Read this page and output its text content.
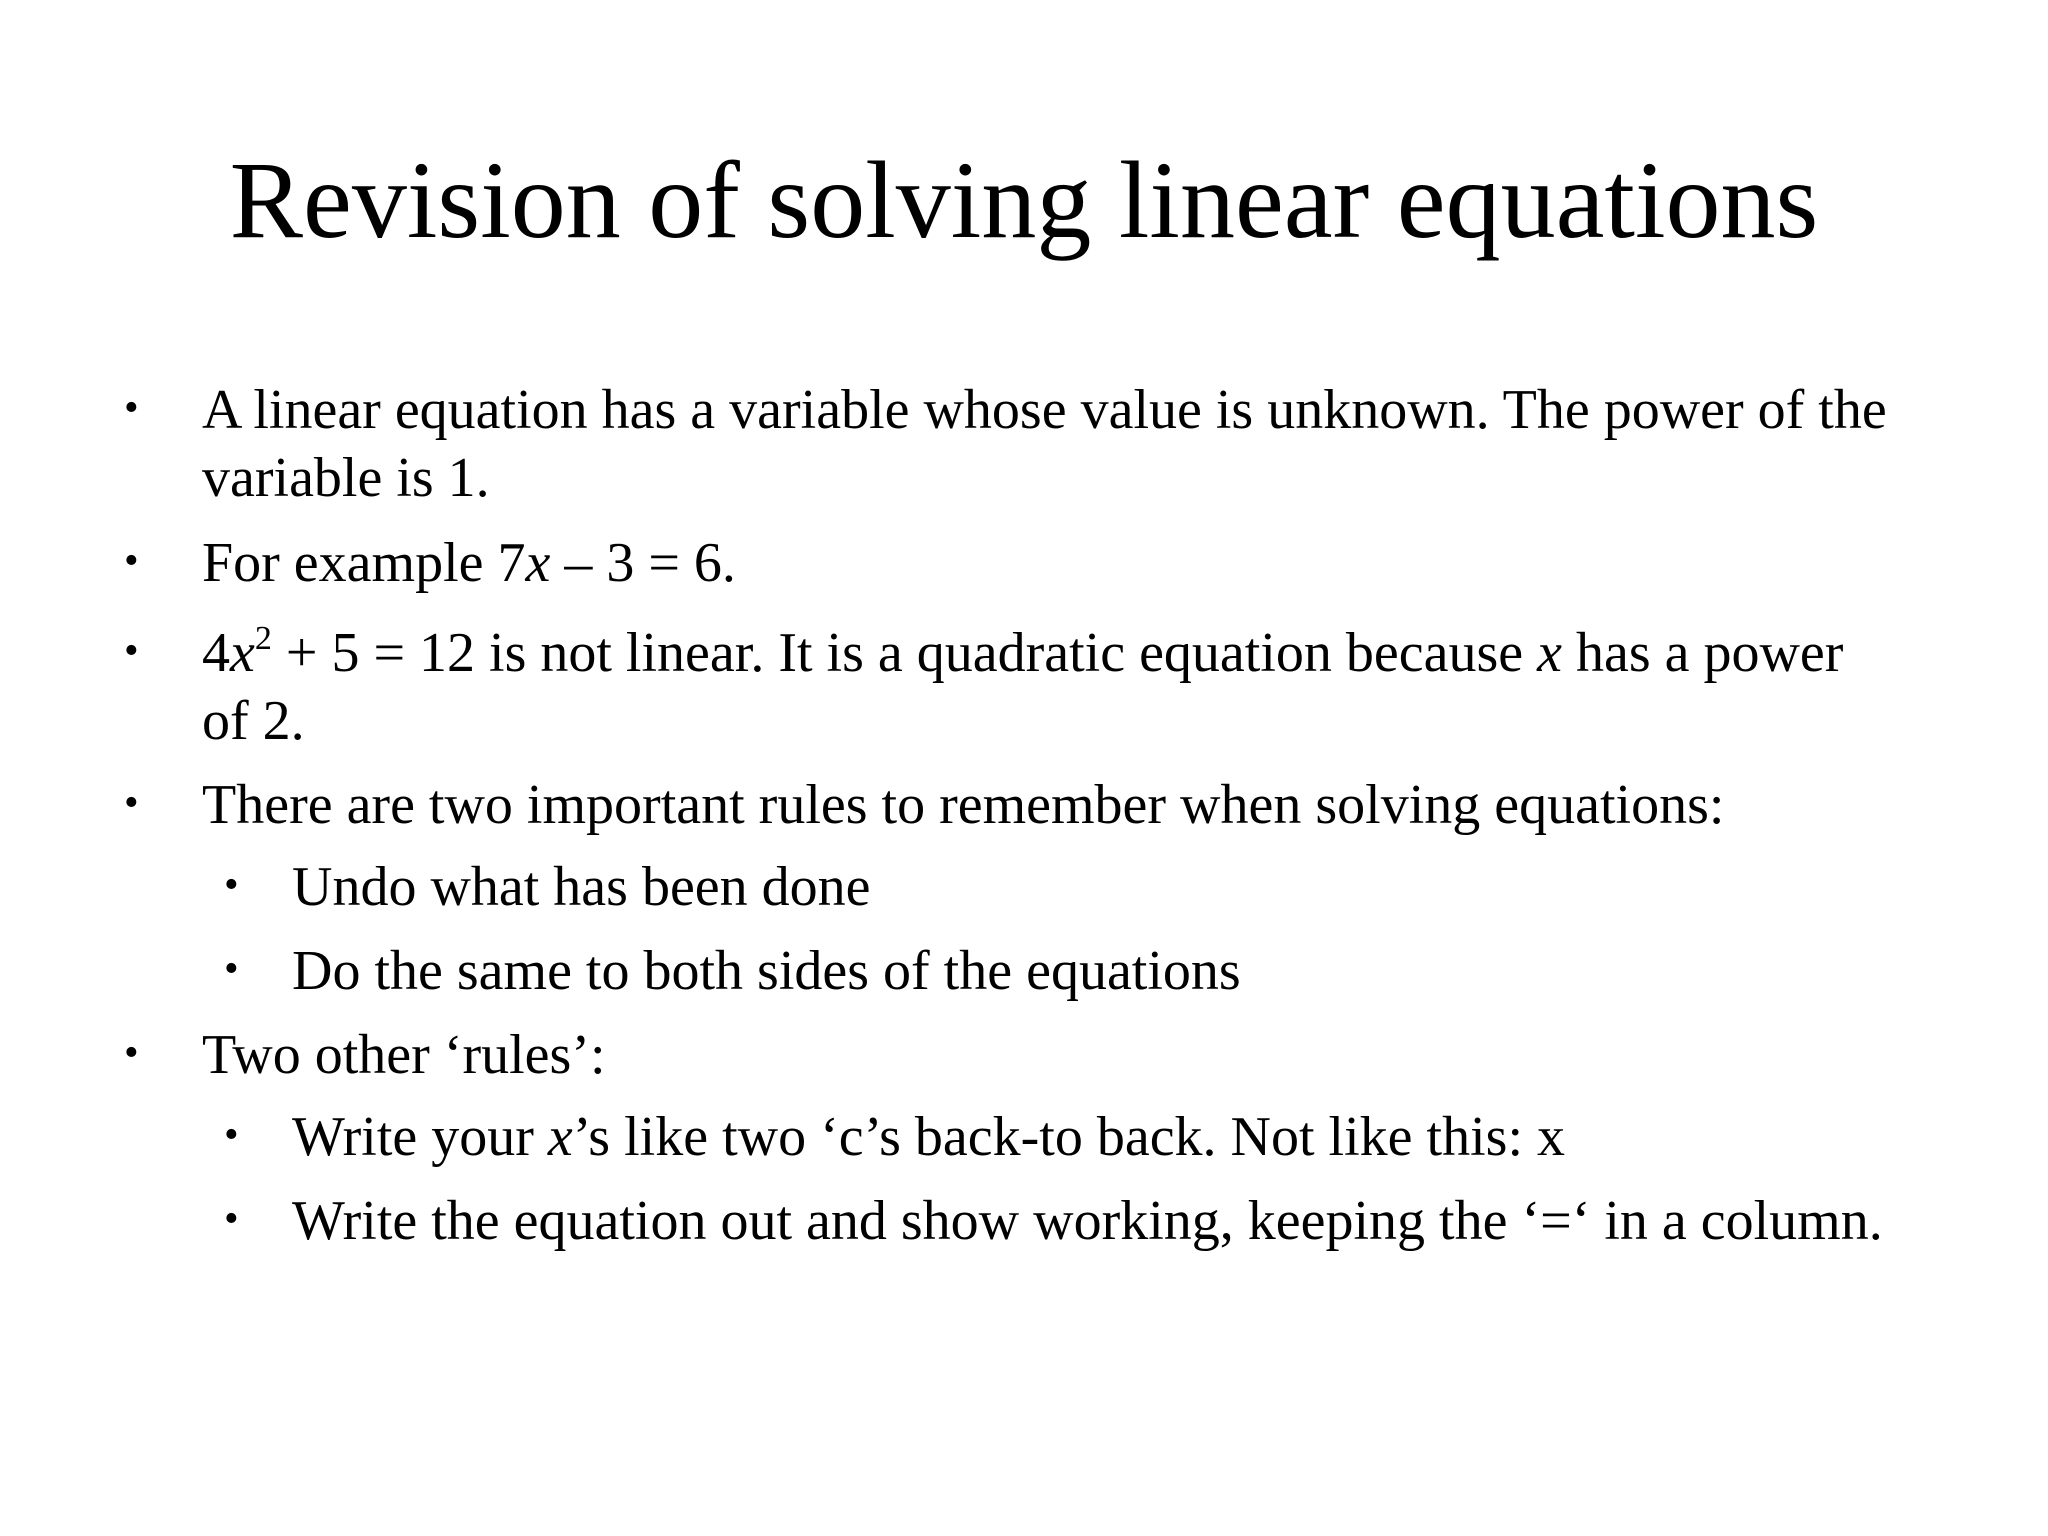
Revision of solving linear equations
• A linear equation has a variable whose value is unknown. The power of the
variable is 1.
• For example 7x – 3 = 6.
• $4x^2 + 5 = 12$ is not linear. It is a quadratic equation because x has a power
of 2.
• There are two important rules to remember when solving equations:
• Undo what has been done
• Do the same to both sides of the equations
• Two other ‘rules’:
• Write your x’s like two ‘c’s back-to back. Not like this: x
• Write the equation out and show working, keeping the ‘=‘ in a column.
